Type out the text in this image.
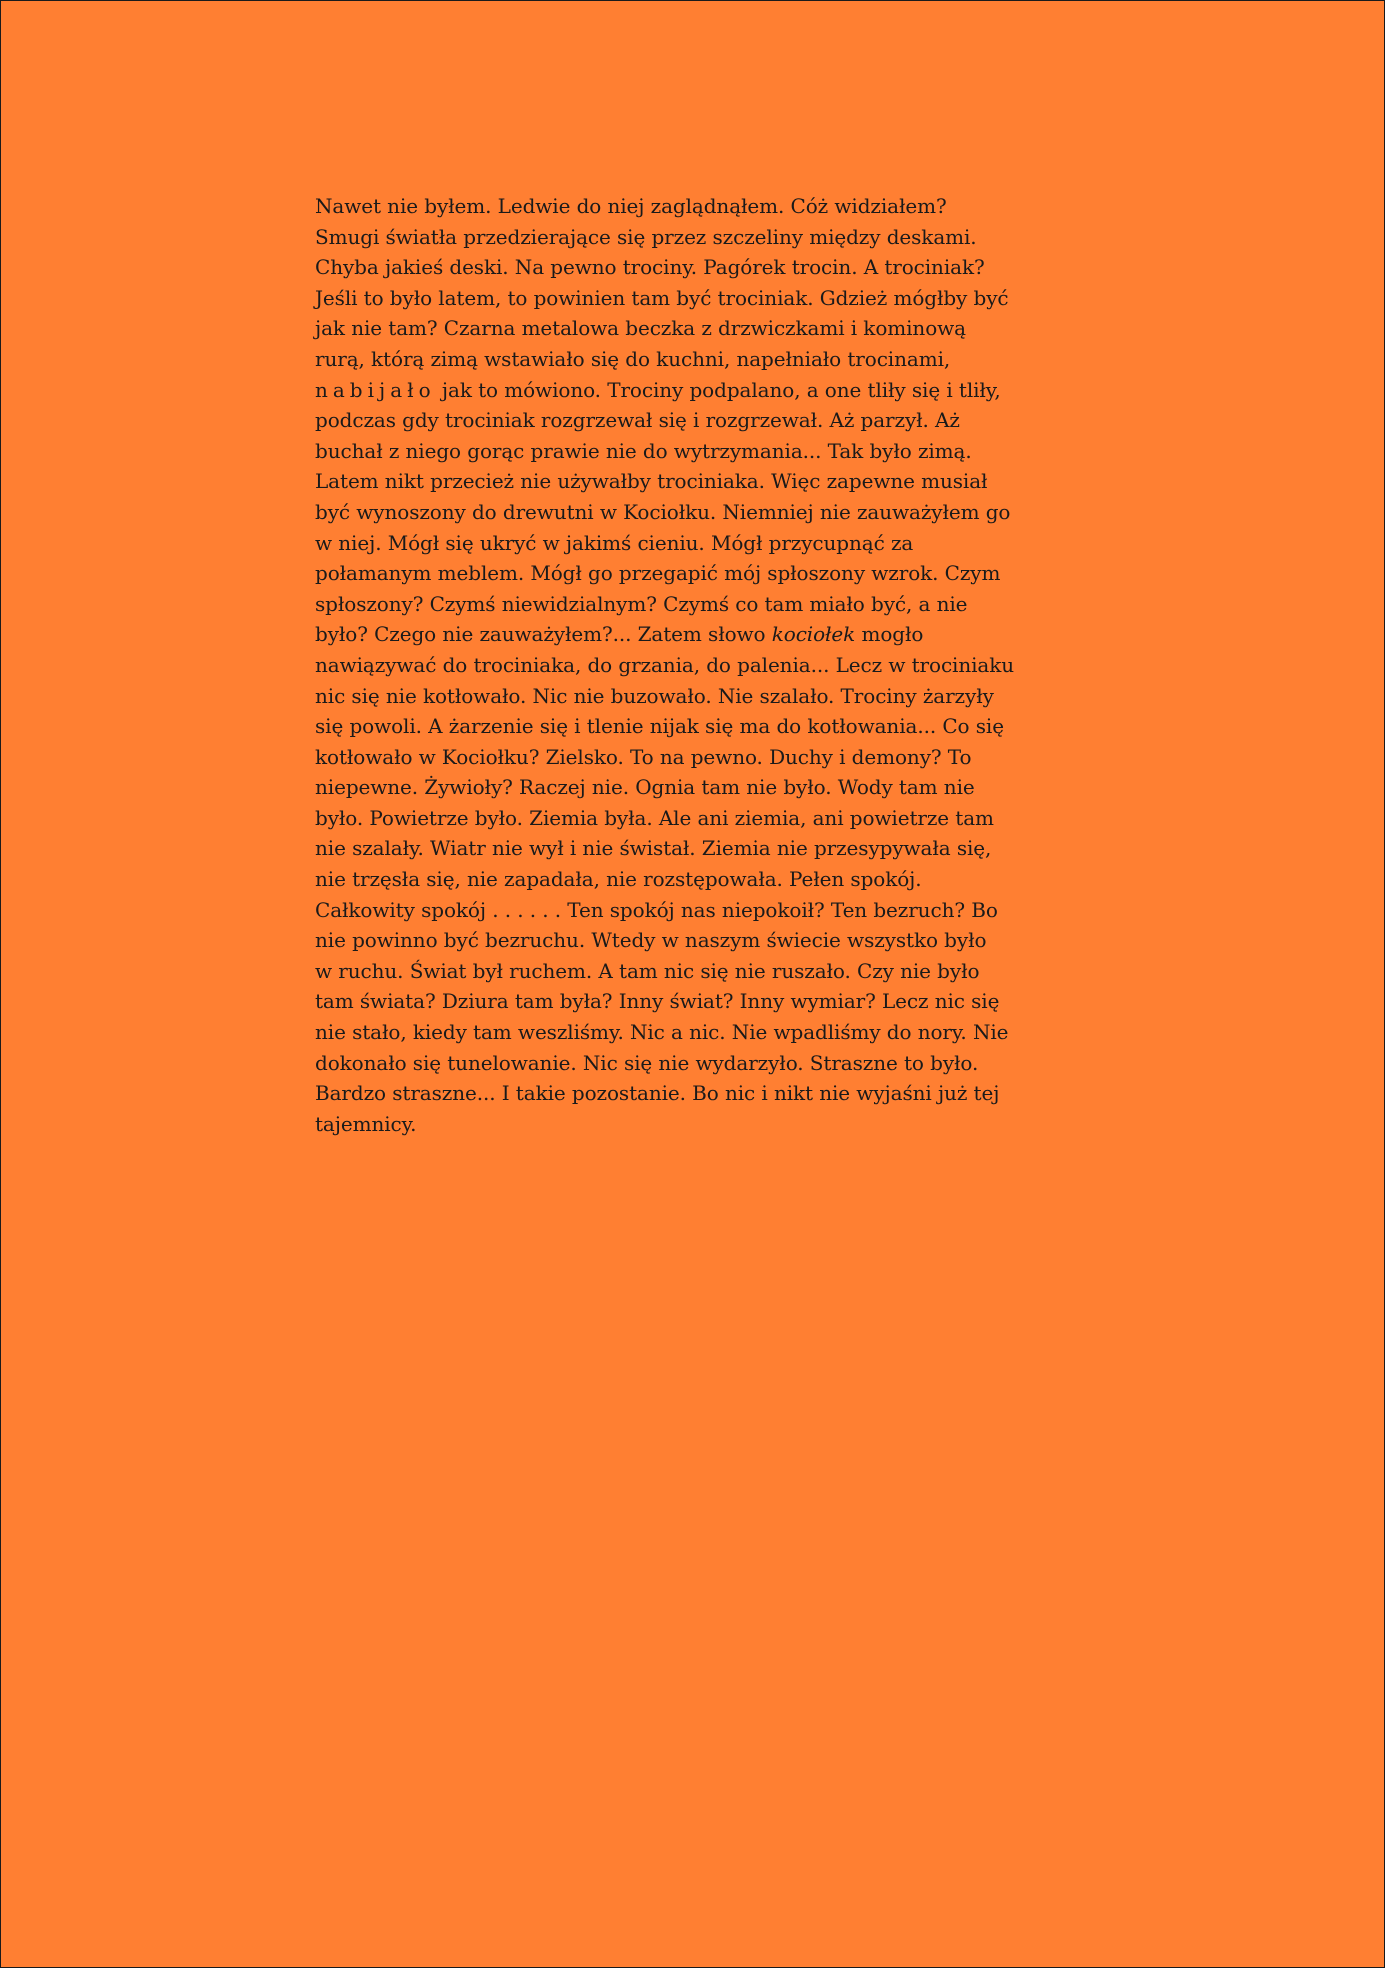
Nawet nie byłem. Ledwie do niej zaglądnąłem. Cóż widziałem?
Smugi światła przedzierające się przez szczeliny między deskami.
Chyba jakieś deski. Na pewno trociny. Pagórek trocin. A trociniak?
Jeśli to było latem, to powinien tam być trociniak. Gdzież mógłby być
jak nie tam? Czarna metalowa beczka z drzwiczkami i kominową
rurą, którą zimą wstawiało się do kuchni, napełniało trocinami,
nabijało jak to mówiono. Trociny podpalano, a one tliły się i tliły,
podczas gdy trociniak rozgrzewał się i rozgrzewał. Aż parzył. Aż
buchał z niego gorąc prawie nie do wytrzymania... Tak było zimą.
Latem nikt przecież nie używałby trociniaka. Więc zapewne musiał
być wynoszony do drewutni w Kociołku. Niemniej nie zauważyłem go
w niej. Mógł się ukryć w jakimś cieniu. Mógł przycupnąć za
połamanym meblem. Mógł go przegapić mój spłoszony wzrok. Czym
spłoszony? Czymś niewidzialnym? Czymś co tam miało być, a nie
było? Czego nie zauważyłem?... Zatem słowo kociołek mogło
nawiązywać do trociniaka, do grzania, do palenia... Lecz w trociniaku
nic się nie kotłowało. Nic nie buzowało. Nie szalało. Trociny żarzyły
się powoli. A żarzenie się i tlenie nijak się ma do kotłowania... Co się
kotłowało w Kociołku? Zielsko. To na pewno. Duchy i demony? To
niepewne. Żywioły? Raczej nie. Ognia tam nie było. Wody tam nie
było. Powietrze było. Ziemia była. Ale ani ziemia, ani powietrze tam
nie szalały. Wiatr nie wył i nie świstał. Ziemia nie przesypywała się,
nie trzęsła się, nie zapadała, nie rozstępowała. Pełen spokój.
Całkowity spokój . . . . . . Ten spokój nas niepokoił? Ten bezruch? Bo
nie powinno być bezruchu. Wtedy w naszym świecie wszystko było
w ruchu. Świat był ruchem. A tam nic się nie ruszało. Czy nie było
tam świata? Dziura tam była? Inny świat? Inny wymiar? Lecz nic się
nie stało, kiedy tam weszliśmy. Nic a nic. Nie wpadliśmy do nory. Nie
dokonało się tunelowanie. Nic się nie wydarzyło. Straszne to było.
Bardzo straszne... I takie pozostanie. Bo nic i nikt nie wyjaśni już tej
tajemnicy.
